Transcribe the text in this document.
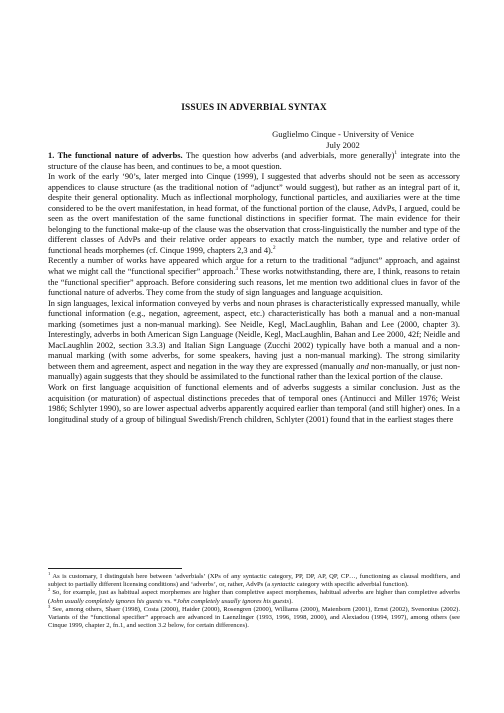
ISSUES IN ADVERBIAL SYNTAX
Guglielmo Cinque - University of Venice
July 2002

1. The functional nature of adverbs. The question how adverbs (and adverbials, more generally)$^1$ integrate into the structure of the clause has been, and continues to be, a moot question.

In work of the early ‘90’s, later merged into Cinque (1999), I suggested that adverbs should not be seen as accessory appendices to clause structure (as the traditional notion of “adjunct” would suggest), but rather as an integral part of it, despite their general optionality. Much as inflectional morphology, functional particles, and auxiliaries were at the time considered to be the overt manifestation, in head format, of the functional portion of the clause, AdvPs, I argued, could be seen as the overt manifestation of the same functional distinctions in specifier format. The main evidence for their belonging to the functional make-up of the clause was the observation that cross-linguistically the number and type of the different classes of AdvPs and their relative order appears to exactly match the number, type and relative order of functional heads morphemes (cf. Cinque 1999, chapters 2,3 and 4).$^2$

Recently a number of works have appeared which argue for a return to the traditional “adjunct” approach, and against what we might call the “functional specifier” approach.$^3$ These works notwithstanding, there are, I think, reasons to retain the “functional specifier” approach. Before considering such reasons, let me mention two additional clues in favor of the functional nature of adverbs. They come from the study of sign languages and language acquisition.

In sign languages, lexical information conveyed by verbs and noun phrases is characteristically expressed manually, while functional information (e.g., negation, agreement, aspect, etc.) characteristically has both a manual and a non-manual marking (sometimes just a non-manual marking). See Neidle, Kegl, MacLaughlin, Bahan and Lee (2000, chapter 3). Interestingly, adverbs in both American Sign Language (Neidle, Kegl, MacLaughlin, Bahan and Lee 2000, 42f; Neidle and MacLaughlin 2002, section 3.3.3) and Italian Sign Language (Zucchi 2002) typically have both a manual and a non-manual marking (with some adverbs, for some speakers, having just a non-manual marking). The strong similarity between them and agreement, aspect and negation in the way they are expressed (manually and non-manually, or just non-manually) again suggests that they should be assimilated to the functional rather than the lexical portion of the clause.

Work on first language acquisition of functional elements and of adverbs suggests a similar conclusion. Just as the acquisition (or maturation) of aspectual distinctions precedes that of temporal ones (Antinucci and Miller 1976; Weist 1986; Schlyter 1990), so are lower aspectual adverbs apparently acquired earlier than temporal (and still higher) ones. In a longitudinal study of a group of bilingual Swedish/French children, Schlyter (2001) found that in the earliest stages there

$^1$ As is customary, I distinguish here between ‘adverbials’ (XPs of any syntactic category, PP, DP, AP, QP, CP…, functioning as clausal modifiers, and subject to partially different licensing conditions) and ‘adverbs’, or, rather, AdvPs (a syntactic category with specific adverbial function).

$^2$ So, for example, just as habitual aspect morphemes are higher than completive aspect morphemes, habitual adverbs are higher than completive adverbs (John usually completely ignores his guests vs. *John completely usually ignores his guests).

$^3$ See, among others, Shaer (1998), Costa (2000), Haider (2000), Rosengren (2000), Williams (2000), Maienborn (2001), Ernst (2002), Svenonius (2002). Variants of the “functional specifier” approach are advanced in Laenzlinger (1993, 1996, 1998, 2000), and Alexiadou (1994, 1997), among others (see Cinque 1999, chapter 2, fn.1, and section 3.2 below, for certain differences).
